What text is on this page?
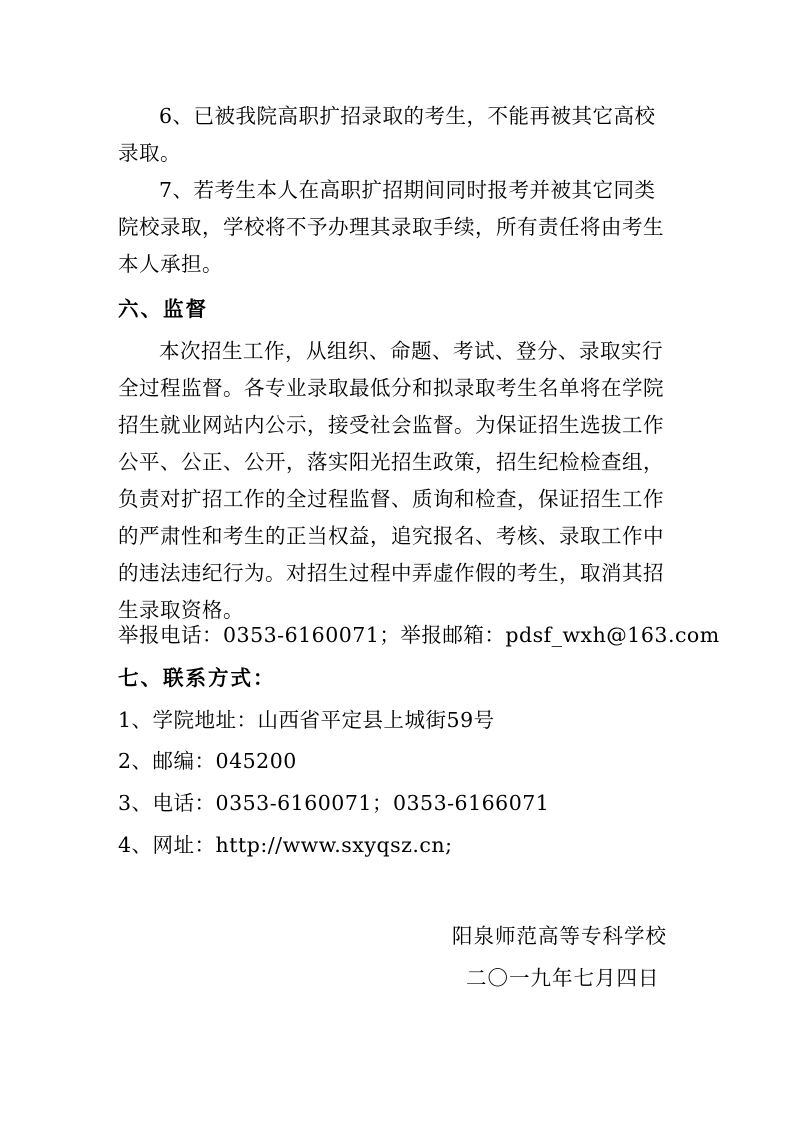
6、已被我院高职扩招录取的考生，不能再被其它高校录取。

7、若考生本人在高职扩招期间同时报考并被其它同类院校录取，学校将不予办理其录取手续，所有责任将由考生本人承担。

六、监督

本次招生工作，从组织、命题、考试、登分、录取实行全过程监督。各专业录取最低分和拟录取考生名单将在学院招生就业网站内公示，接受社会监督。为保证招生选拔工作公平、公正、公开，落实阳光招生政策，招生纪检检查组，负责对扩招工作的全过程监督、质询和检查，保证招生工作的严肃性和考生的正当权益，追究报名、考核、录取工作中的违法违纪行为。对招生过程中弄虚作假的考生，取消其招生录取资格。

举报电话：0353-6160071；举报邮箱：pdsf_wxh@163.com

七、联系方式：

1、学院地址：山西省平定县上城街59号

2、邮编：045200

3、电话：0353-6160071；0353-6166071

4、网址：http://www.sxyqsz.cn;

阳泉师范高等专科学校

二〇一九年七月四日
